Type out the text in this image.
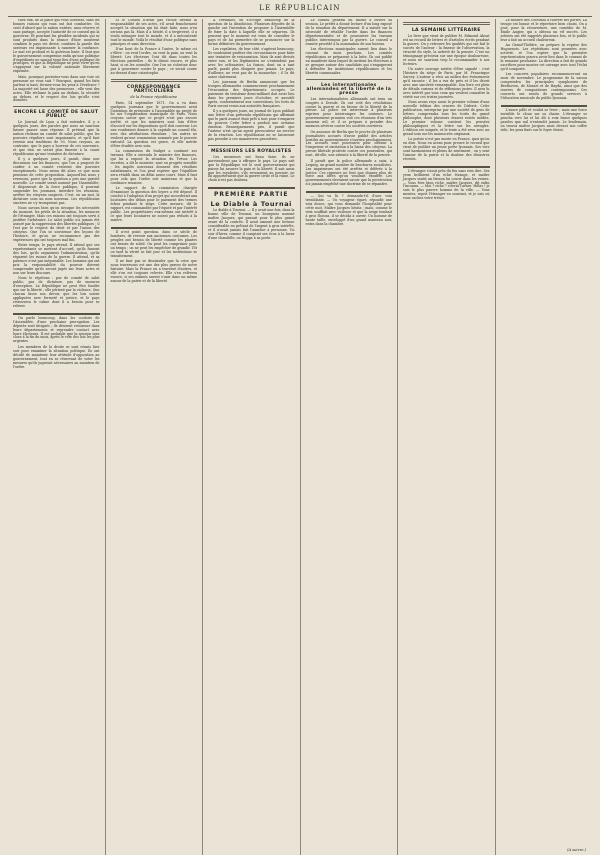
LE RÉPUBLICAIN

chez eux, de la place qui vous convient, sans les bonnes raisons qui vous ont fait combattre. On croit d'abord que la nation entière, sans réserve et sans partage, accepte l'autorité de ce conseil qui la gouverne. Et pourtant les pénibles incidents qui se sont produits dans la séance d'hier montrent combien le pays est divisé, combien la parole des orateurs est impuissante à ramener la confiance. Le mal est profond et la guérison lente. Il faut que le gouvernement comprenne enfin qu'une politique d'expédients ne saurait tenir lieu d'une politique de principes, et que la République ne peut vivre qu'en s'appuyant sur la volonté nationale librement exprimée.

Mais, pourquoi persistez-vous dans une voie où personne ne vous suit ? Pourquoi, quand les faits parlent si haut, fermez-vous les yeux à l'évidence ? La majorité est lasse des promesses ; elle veut des actes. Elle réclame la paix au dedans, la sécurité au dehors, et le respect des lois qu'elle s'est données.

ENCORE LE COMITÉ DE SALUT PUBLIC

Le Journal de Lyon a fait entendre, il y a quelques jours, des paroles que nous ne saurions laisser passer sans réponse. Il prétend que la nation réclame un comité de salut public, que les pouvoirs réguliers sont impuissants, et qu'il faut revenir aux traditions de 93. Nous croyons, au contraire, que le pays a horreur de ces souvenirs, et que rien ne serait plus funeste à la cause républicaine qu'une tentative de dictature.

Il y a quelques jours, il paraît, dans une discussion sur les finances, que l'on a proposé de confier à un comité restreint des pouvoirs exceptionnels. Nous avons dit alors ce que nous pensions de cette proposition. Aujourd'hui nous y revenons, parce que la question a pris une gravité nouvelle. Le comité serait nommé par l'Assemblée, il disposerait de la force publique, il pourrait suspendre les journaux, interdire les réunions, arrêter les citoyens suspects. C'est, en un mot, la dictature sous un nom nouveau. Les républicains sincères ne s'y tromperont pas.

Nous savons bien qu'on invoque les nécessités du moment, les périls de la situation, les menaces de l'étranger. Mais ces raisons ont toujours servi à justifier l'arbitraire. Le salut public n'a jamais été assuré par la suppression des libertés publiques ; il l'est par le respect du droit et par l'union des citoyens. Que l'on se souvienne des leçons de l'histoire, et qu'on ne recommence pas des expériences qui ont toujours mal fini.

Entre temps, le pays attend. Il attend que ses représentants se mettent d'accord, qu'ils fassent des lois, qu'ils organisent l'administration, qu'ils réparent les ruines de la guerre. Il attend, et sa patience n'est pas inépuisable. Les hommes qui ont pris la responsabilité du pouvoir doivent comprendre qu'ils seront jugés sur leurs actes et non sur leurs discours.

Nous le répétons : pas de comité de salut public, pas de dictature, pas de mesures d'exception. La République ne peut être fondée que sur la liberté ; elle périrait par la violence. Que chacun fasse son devoir, que les lois soient appliquées avec fermeté et justice, et le pays retrouvera le calme dont il a besoin pour se relever.

On parle beaucoup, dans les couloirs de l'Assemblée, d'une prochaine prorogation. Les députés sont fatigués ; ils désirent retourner dans leurs départements et reprendre contact avec leurs électeurs. Il est probable que la session sera close à la fin du mois, après le vote des lois les plus urgentes.

Les membres de la droite se sont réunis hier soir pour examiner la situation politique. Ils ont décidé de maintenir leur attitude d'opposition au gouvernement, tout en se réservant de voter les mesures qu'ils jugeront nécessaires au maintien de l'ordre.

Si le Conseil n'avait pas reculé devant la responsabilité de ses actes, s'il avait franchement accepté la situation qui lui était faite, nous n'en serions pas là. Mais il a hésité, il a tergiversé, il a voulu ménager tout le monde, et il a mécontenté tout le monde. Voilà le résultat d'une politique sans principes et sans direction.

D'un bout de la France à l'autre, le même cri s'élève : on veut l'ordre, on veut la paix, on veut la liberté. Les électeurs l'ont dit dans toutes les élections partielles ; ils le diront encore, et plus haut, si on les consulte. Que l'on ne s'obstine donc pas à gouverner contre le pays ; ce serait courir au-devant d'une catastrophe.

CORRESPONDANCE PARTICULIÈRE
de la France républicaine

Paris, 14 septembre 1871. On a vu dans quelques journaux que le gouvernement avait l'intention de présenter à l'Assemblée un projet de loi sur l'organisation municipale de Paris. Nous croyons savoir que ce projet n'est pas encore arrêté, et que les ministres sont loin d'être d'accord sur les dispositions qu'il doit contenir. Les uns voudraient donner à la capitale un conseil élu, avec des attributions étendues ; les autres ne veulent qu'une commission nommée par le pouvoir exécutif. La question est grave, et elle mérite d'être étudiée avec soin.

La commission du budget a continué ses travaux. Elle a entendu le ministre des finances, qui lui a exposé la situation du Trésor. Les recettes, a dit le ministre, sont en progrès sensible ; les impôts nouveaux donnent des résultats satisfaisants, et l'on peut espérer que l'équilibre sera rétabli dans un délai assez court. Mais il faut pour cela que l'ordre soit maintenu et que la confiance renaisse.

Le rapport de la commission chargée d'examiner la question des loyers a été déposé. Il conclut à l'adoption d'un projet qui accorderait aux locataires des délais pour le paiement des termes échus pendant le siège. Cette mesure, dit le rapport, est commandée par l'équité et par l'intérêt public. Les propriétaires eux-mêmes ont intérêt à ce que leurs locataires ne soient pas réduits à la misère.

Il n'est point question, dans ce siècle de lumières, de revenir aux anciennes coutumes. Les peuples ont besoin de liberté comme les plantes ont besoin de soleil. On peut les comprimer pour un temps ; on ne peut les empêcher de grandir. Tôt ou tard la vérité se fait jour et les institutions se transforment.

Il ne faut pas se dissimuler que la crise que nous traversons est une des plus graves de notre histoire. Mais la France en a traversé d'autres, et elle s'en est toujours relevée. Elle s'en relèvera encore, si ses enfants savent s'unir dans un même amour de la patrie et de la liberté.

A Versailles, on s'occupe beaucoup de la question de la dissolution. Plusieurs députés de la gauche ont l'intention de proposer à l'Assemblée de fixer la date à laquelle elle se séparera. Ils pensent que le moment est venu de consulter le pays et de lui permettre de se prononcer sur la forme définitive du gouvernement.

Les royalistes, de leur côté, s'agitent beaucoup. Ils voudraient profiter des circonstances pour faire une tentative de restauration. Mais ils sont divisés entre eux, et les légitimistes ne s'entendent pas avec les orléanistes. La fusion, dont on a tant parlé, paraît plus éloignée que jamais. Le pays, d'ailleurs, ne veut pas de la monarchie ; il l'a dit assez clairement.

Les journaux de Berlin annoncent que les troupes allemandes commenceront prochainement l'évacuation des départements occupés. Le paiement du troisième demi-milliard doit avoir lieu dans les premiers jours d'octobre, et aussitôt après, conformément aux conventions, les forts de Paris seront remis aux autorités françaises.

Il y a quelques jours, un journal de Lyon publiait une lettre d'un prétendu républicain qui affirmait que le parti avancé était prêt à tout pour s'emparer du pouvoir. Cette lettre a produit une certaine émotion. Renseignements pris, il paraît que l'auteur n'est qu'un agent provocateur au service de la réaction. Les républicains ne se laisseront pas prendre à ces manœuvres grossières.

MESSIEURS LES ROYALISTES

Ces messieurs ont beau faire, ils ne parviendront pas à effrayer le pays. Le pays sait que la République est le seul gouvernement qui puisse lui assurer la paix et la liberté. Il sait aussi que les royalistes, s'ils revenaient au pouvoir, ne lui apporteraient que la guerre civile et la ruine. Le choix n'est pas douteux.

PREMIÈRE PARTIE
Le Diable à Tournai

Le diable à Tournai. — Il y avait une fois, dans la bonne ville de Tournai, un bourgeois nommé maître Jacques, qui passait pour le plus grand avare de la contrée. Il avait amassé une fortune considérable en prêtant de l'argent à gros intérêts, et il n'avait jamais fait l'aumône à personne. Un soir d'hiver, comme il comptait ses écus à la lueur d'une chandelle, on frappa à sa porte.

Le conseil général du Rhône a ouvert sa session. Le préfet a donné lecture d'un long exposé de la situation du département. Il a insisté sur la nécessité de rétablir l'ordre dans les finances départementales et de poursuivre les travaux publics interrompus par la guerre. Le conseil a ensuite procédé à la nomination de son bureau.

Les élections municipales auront lieu dans le courant du mois prochain. Les comités républicains se préparent à la lutte. Ils ont publié un manifeste dans lequel ils invitent les électeurs à se grouper autour des candidats qui s'engageront à défendre les institutions républicaines et les libertés communales.

Les internationales allemandes et la liberté de la presse

Les internationalistes allemands ont tenu un congrès à Dresde. Ils ont voté des résolutions contre la guerre et en faveur de la liberté de la presse. La police est intervenue à plusieurs reprises pour interrompre les orateurs. Le gouvernement prussien voit ces réunions d'un très mauvais œil, et il se prépare à prendre des mesures sévères contre les sociétés ouvrières.

On annonce de Berlin que le procès de plusieurs journalistes accusés d'avoir publié des articles hostiles au gouvernement s'ouvrira prochainement. Les accusés sont poursuivis pour offense à l'empereur et excitation à la haine des citoyens. La presse libérale proteste contre ces poursuites, qui sont, dit-elle, une atteinte à la liberté de la pensée.

Il paraît que la police allemande a saisi, à Leipzig, un grand nombre de brochures socialistes. Les imprimeurs ont été arrêtés et déférés à la justice. Ces rigueurs ne font que donner plus de force aux idées qu'on voudrait étouffer. Les gouvernements devraient savoir que la persécution n'a jamais empêché une doctrine de se répandre.

— Qui va là ? demanda-t-il d'une voix tremblante. — Un voyageur égaré, répondit une voix douce, qui vous demande l'hospitalité pour cette nuit. Maître Jacques hésita ; mais, comme le vent soufflait avec violence et que la neige tombait à gros flocons, il se décida à ouvrir. Un homme de haute taille, enveloppé d'un grand manteau noir, entra dans la chambre.

LA SEMAINE LITTÉRAIRE

Le livre que vient de publier M. Edmond About est un recueil de lettres et d'articles écrits pendant la guerre. On y retrouve les qualités qui ont fait le succès de l'auteur : la finesse de l'observation, la vivacité du style, la netteté de la pensée. C'est un témoignage précieux sur une époque douloureuse, et nous ne saurions trop le recommander à nos lecteurs.

Un autre ouvrage mérite d'être signalé : c'est l'histoire du siège de Paris, par M. Francisque Sarcey. L'auteur a vécu au milieu des événements qu'il raconte ; il les a vus de près et il les décrit avec une sincérité remarquable. Son livre est plein de détails curieux et de réflexions justes. Il sera lu avec intérêt par tous ceux qui veulent connaître la vérité sur ces tristes journées.

Nous avons reçu aussi le premier volume d'une nouvelle édition des œuvres de Diderot. Cette publication, entreprise par une société de gens de lettres, comprendra tous les écrits du grand philosophe, dont plusieurs étaient restés inédits. Le premier volume contient les pensées philosophiques et la lettre sur les aveugles. L'édition est soignée, et le texte a été revu avec un grand soin sur les manuscrits originaux.

La poésie n'est pas morte en France, quoi qu'on en dise. Nous en avons pour preuve le recueil que vient de publier un jeune poète lyonnais. Ses vers sont harmonieux et pleins de sentiment ; on y sent l'amour de la patrie et la douleur des désastres récents.

L'étranger s'assit près du feu sans rien dire. Ses yeux brillaient d'un éclat étrange, et maître Jacques sentit un frisson lui courir dans les veines. — Vous êtes bien riche, maître Jacques, dit enfin l'inconnu. — Moi ? riche ? s'écria l'avare. Hélas ! je suis le plus pauvre homme de la ville. — Vous mentez, reprit l'étranger en souriant, et je sais où vous cachez votre trésor.

Le théâtre des Célestins a rouvert ses portes. La troupe est bonne et le répertoire bien choisi. On a joué, pour la réouverture, une comédie de M. Émile Augier, qui a obtenu un vif succès. Les artistes ont été rappelés plusieurs fois, et le public leur a fait un accueil chaleureux.

Au Grand-Théâtre, on prépare la reprise des Huguenots. Les répétitions sont poussées avec activité, et l'on espère que la première représentation pourra avoir lieu dans le courant de la semaine prochaine. La direction a fait de grands sacrifices pour monter cet ouvrage avec tout l'éclat qu'il comporte.

Les concerts populaires recommenceront au mois de novembre. Le programme de la saison comprendra les principales symphonies de Beethoven, de Mozart et de Haydn, ainsi que des œuvres de compositeurs contemporains. Ces concerts ont rendu de grands services à l'éducation musicale du public lyonnais.

L'avare pâlit et voulut se lever ; mais une force invisible le cloua sur sa chaise. L'étranger se pencha vers lui et lui dit à voix basse quelques paroles que nul n'entendit jamais. Le lendemain, on trouva maître Jacques assis devant son coffre vide, les yeux fixés sur le foyer éteint.

(A suivre.)
